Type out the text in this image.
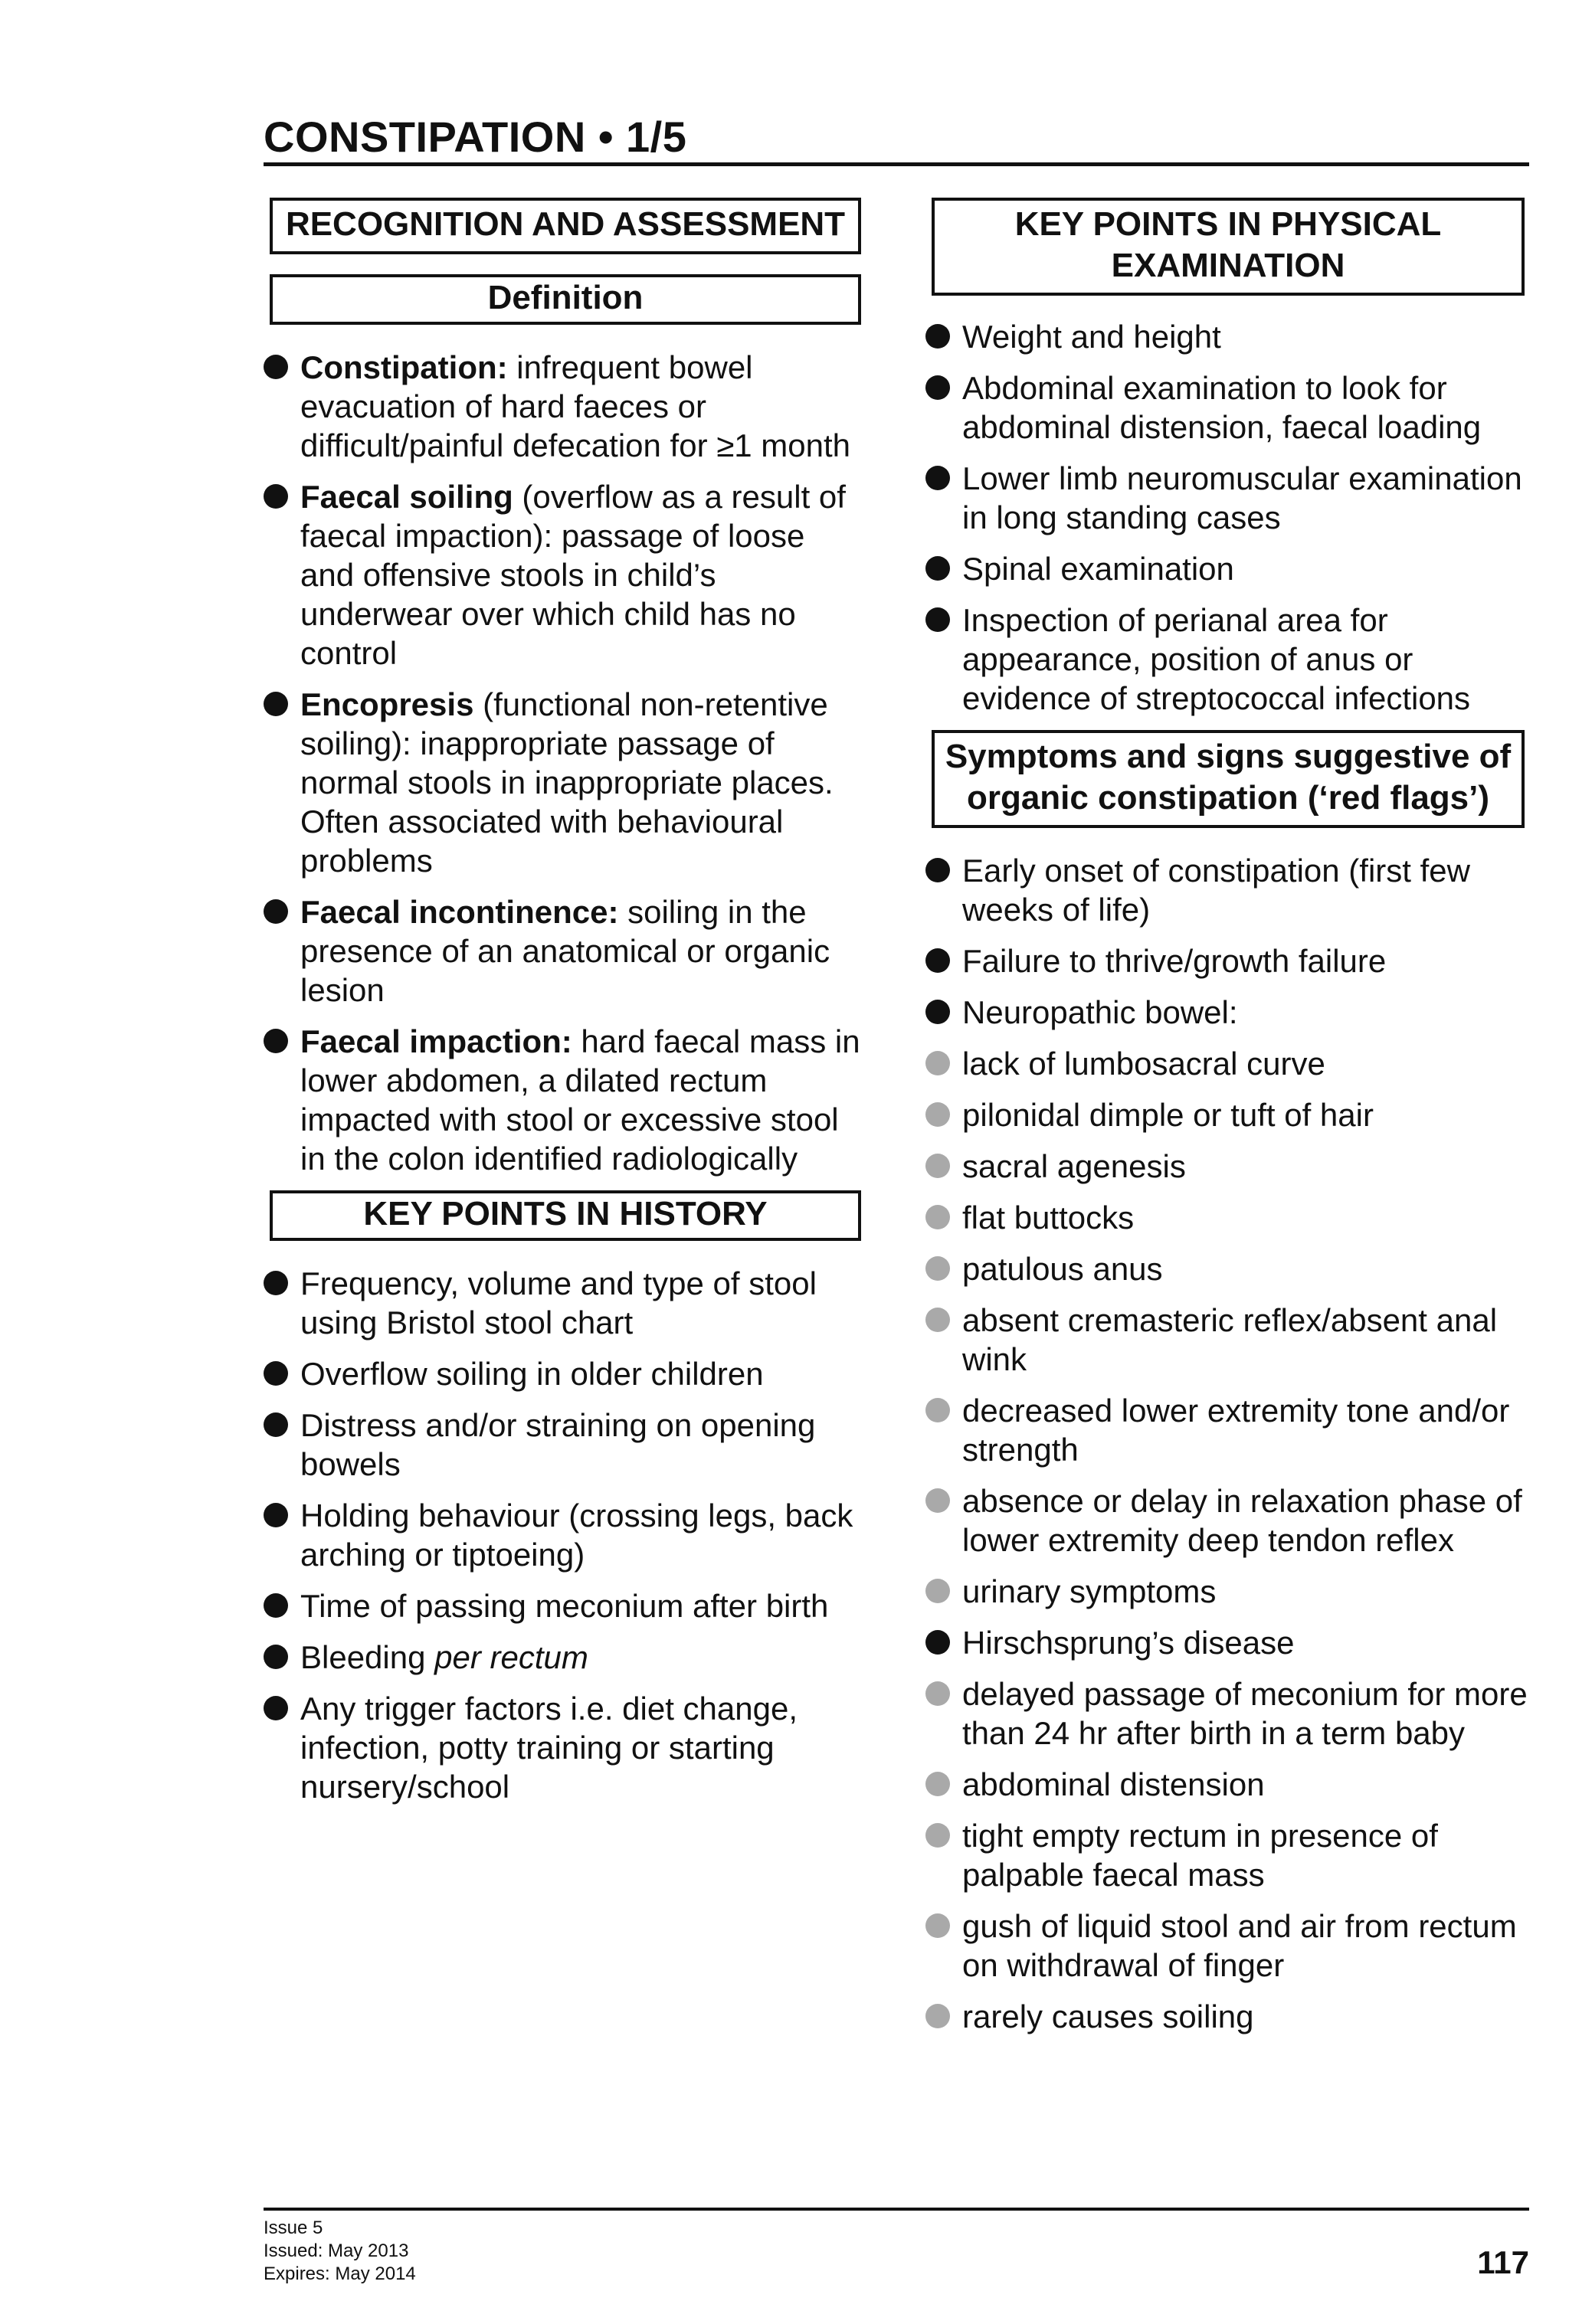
CONSTIPATION • 1/5
RECOGNITION AND ASSESSMENT
Definition
Constipation: infrequent bowel evacuation of hard faeces or difficult/painful defecation for ≥1 month
Faecal soiling (overflow as a result of faecal impaction): passage of loose and offensive stools in child’s underwear over which child has no control
Encopresis (functional non-retentive soiling): inappropriate passage of normal stools in inappropriate places. Often associated with behavioural problems
Faecal incontinence: soiling in the presence of an anatomical or organic lesion
Faecal impaction: hard faecal mass in lower abdomen, a dilated rectum impacted with stool or excessive stool in the colon identified radiologically
KEY POINTS IN HISTORY
Frequency, volume and type of stool using Bristol stool chart
Overflow soiling in older children
Distress and/or straining on opening bowels
Holding behaviour (crossing legs, back arching or tiptoeing)
Time of passing meconium after birth
Bleeding per rectum
Any trigger factors i.e. diet change, infection, potty training or starting nursery/school
KEY POINTS IN PHYSICAL EXAMINATION
Weight and height
Abdominal examination to look for abdominal distension, faecal loading
Lower limb neuromuscular examination in long standing cases
Spinal examination
Inspection of perianal area for appearance, position of anus or evidence of streptococcal infections
Symptoms and signs suggestive of organic constipation (‘red flags’)
Early onset of constipation (first few weeks of life)
Failure to thrive/growth failure
Neuropathic bowel:
lack of lumbosacral curve
pilonidal dimple or tuft of hair
sacral agenesis
flat buttocks
patulous anus
absent cremasteric reflex/absent anal wink
decreased lower extremity tone and/or strength
absence or delay in relaxation phase of lower extremity deep tendon reflex
urinary symptoms
Hirschsprung’s disease
delayed passage of meconium for more than 24 hr after birth in a term baby
abdominal distension
tight empty rectum in presence of palpable faecal mass
gush of liquid stool and air from rectum on withdrawal of finger
rarely causes soiling
Issue 5
Issued: May 2013
Expires: May 2014	117
